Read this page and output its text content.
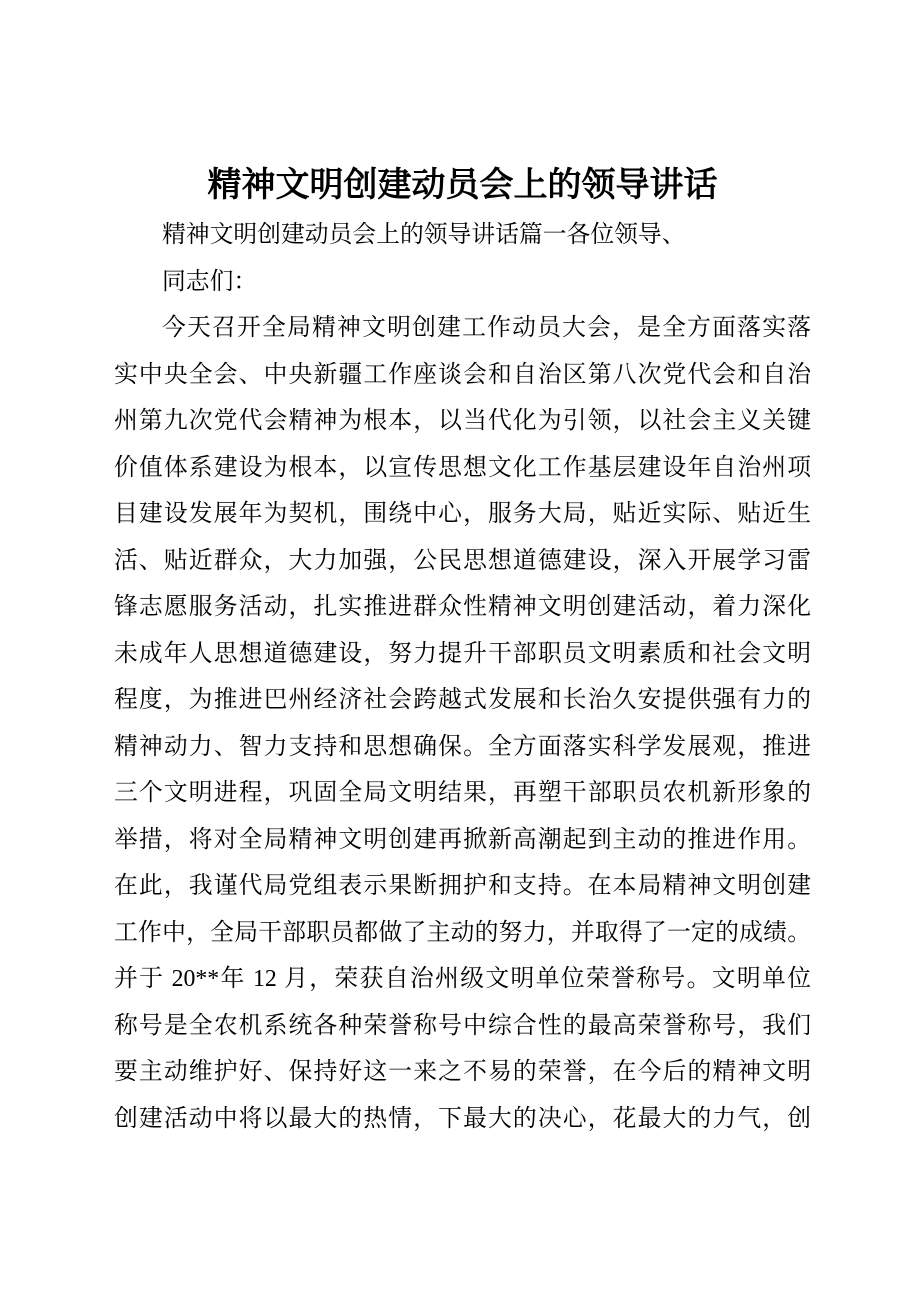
精神文明创建动员会上的领导讲话
精神文明创建动员会上的领导讲话篇一各位领导、
同志们：
今天召开全局精神文明创建工作动员大会，是全方面落实落
实中央全会、中央新疆工作座谈会和自治区第八次党代会和自治
州第九次党代会精神为根本，以当代化为引领，以社会主义关键
价值体系建设为根本，以宣传思想文化工作基层建设年自治州项
目建设发展年为契机，围绕中心，服务大局，贴近实际、贴近生
活、贴近群众，大力加强，公民思想道德建设，深入开展学习雷
锋志愿服务活动，扎实推进群众性精神文明创建活动，着力深化
未成年人思想道德建设，努力提升干部职员文明素质和社会文明
程度，为推进巴州经济社会跨越式发展和长治久安提供强有力的
精神动力、智力支持和思想确保。全方面落实科学发展观，推进
三个文明进程，巩固全局文明结果，再塑干部职员农机新形象的
举措，将对全局精神文明创建再掀新高潮起到主动的推进作用。
在此，我谨代局党组表示果断拥护和支持。在本局精神文明创建
工作中，全局干部职员都做了主动的努力，并取得了一定的成绩。
并于 20**年 12 月，荣获自治州级文明单位荣誉称号。文明单位
称号是全农机系统各种荣誉称号中综合性的最高荣誉称号，我们
要主动维护好、保持好这一来之不易的荣誉，在今后的精神文明
创建活动中将以最大的热情，下最大的决心，花最大的力气，创
